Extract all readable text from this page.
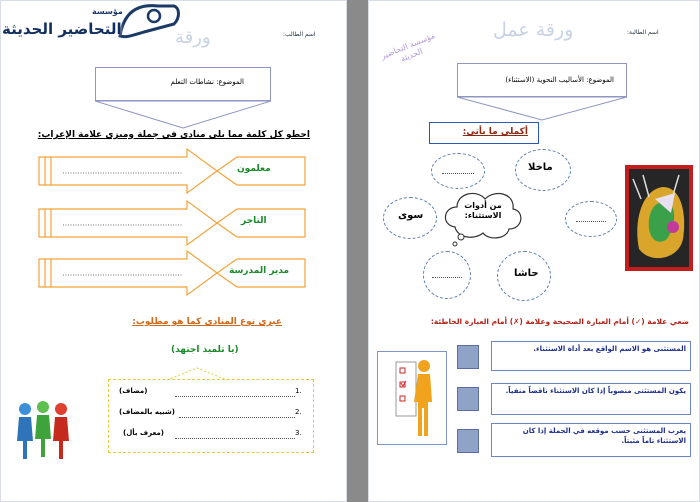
ورقة	اسم الطالب:
الموضوع: نشاطات التعلم
احطو كل كلمة مما يلي منادى في جملة وميزي علامة الإعراب:
معلمون
التاجر
مدير المدرسة
عبري نوع المنادى كما هو مطلوب:
(يا تلميذ اجتهد)
(مضاف)	1.
(شبيه بالمضاف)	2.
(معرف بأل)	3.
مؤسسة
التحاضير الحديثة	ورقة عمل	اسم الطالبة:
مؤسسة التحاضير الحديثة
الموضوع: الأساليب النحوية (الاستثناء)
أكملي ما يأتي:
ماخلا
سوى
حاشا
من أدوات الاستثناء:
ضعي علامة (✓) أمام العبارة الصحيحة وعلامة (✗) أمام العبارة الخاطئة:
المستثنى هو الاسم الواقع بعد أداة الاستثناء.
يكون المستثنى منصوباً إذا كان الاستثناء ناقصاً منفياً.
يعرب المستثنى حسب موقعه في الجملة إذا كان الاستثناء تاماً مثبتاً.
